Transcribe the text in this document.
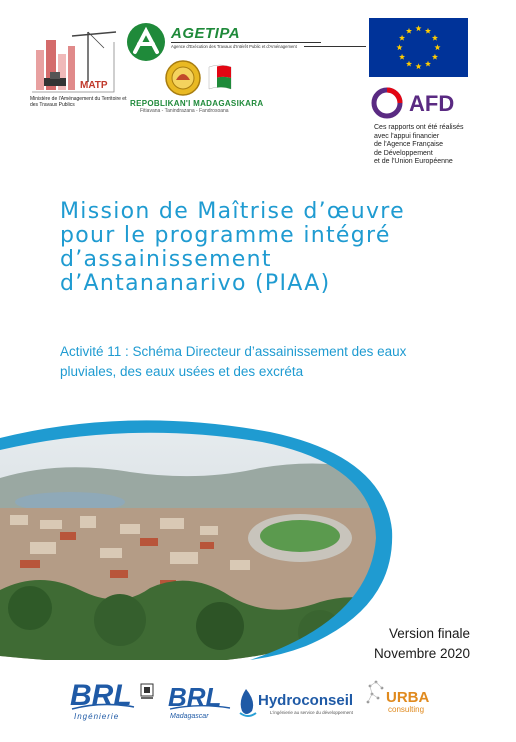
MATP
Ministère de l'Aménagement du Territoire et des Travaux Publics
AGETIPA
Agence d'Exécution des Travaux d'Intérêt Public et d'Aménagement
REPOBLIKAN'I MADAGASIKARA
Fitiavana - Tanindrazana - Fandrosoana	AFD
Ces rapports ont été réalisés
avec l'appui financier
de l'Agence Française
de Développement
et de l'Union Européenne
Mission de Maîtrise d’œuvre
pour le programme intégré
d’assainissement
d’Antananarivo (PIAA)
Activité 11 : Schéma Directeur d’assainissement des eaux
pluviales, des eaux usées et des excréta
Version finale
Novembre 2020
BRL
Ingénierie
BRL
Madagascar
Hydroconseil
L'ingénierie au service du développement
URBA
consulting
